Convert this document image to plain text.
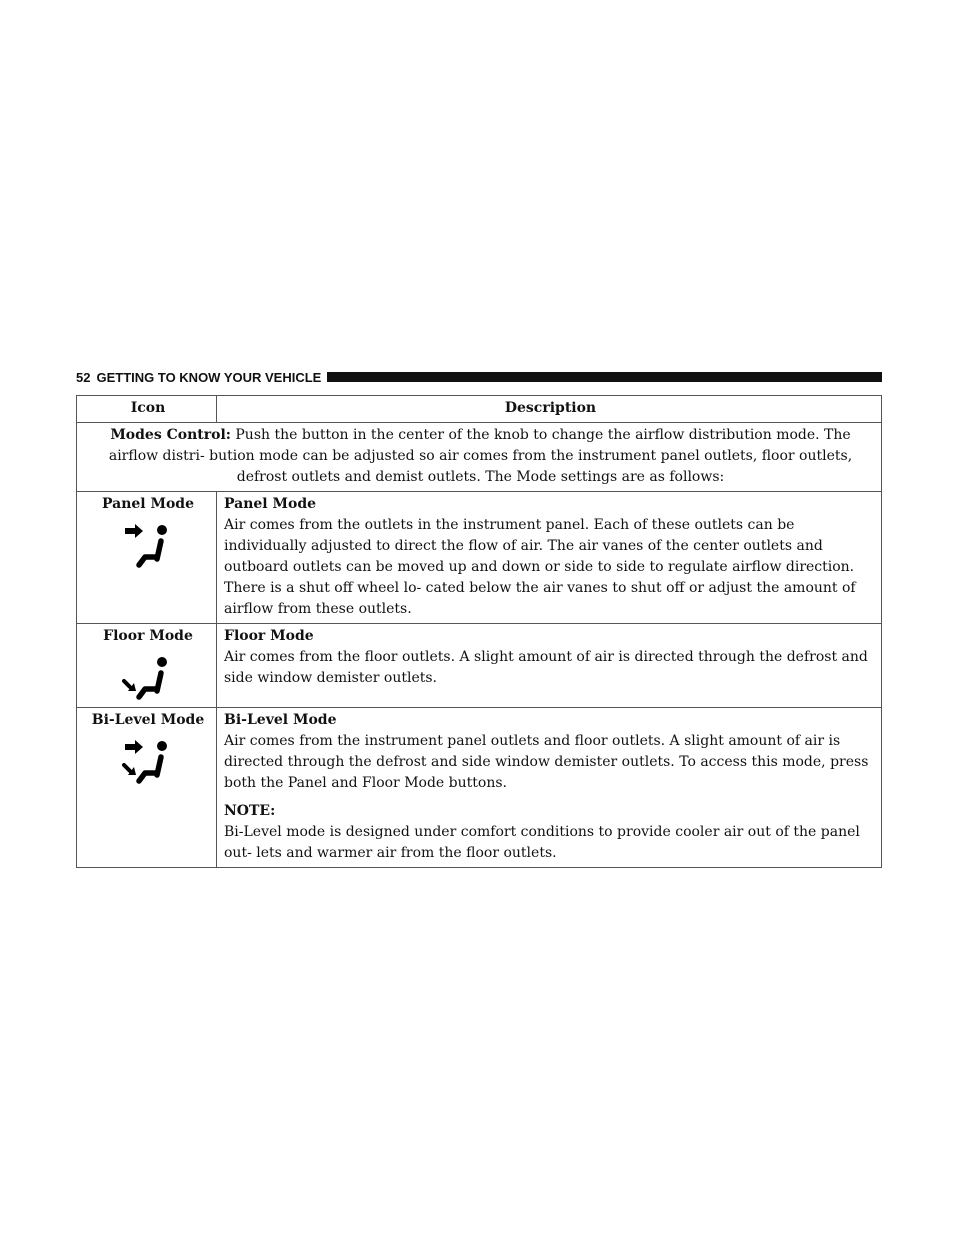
52 GETTING TO KNOW YOUR VEHICLE
Icon	Description
Modes Control: Push the button in the center of the knob to change the airflow distribution mode. The airflow distri- bution mode can be adjusted so air comes from the instrument panel outlets, floor outlets, defrost outlets and demist outlets. The Mode settings are as follows:	

Panel Mode	Panel Mode
Air comes from the outlets in the instrument panel. Each of these outlets can be individually adjusted to direct the flow of air. The air vanes of the center outlets and outboard outlets can be moved up and down or side to side to regulate airflow direction. There is a shut off wheel lo- cated below the air vanes to shut off or adjust the amount of airflow from these outlets.

Floor Mode	Floor Mode
Air comes from the floor outlets. A slight amount of air is directed through the defrost and side window demister outlets.

Bi-Level Mode	Bi-Level Mode
Air comes from the instrument panel outlets and floor outlets. A slight amount of air is directed through the defrost and side window demister outlets. To access this mode, press both the Panel and Floor Mode buttons.
NOTE:
Bi-Level mode is designed under comfort conditions to provide cooler air out of the panel out- lets and warmer air from the floor outlets.
